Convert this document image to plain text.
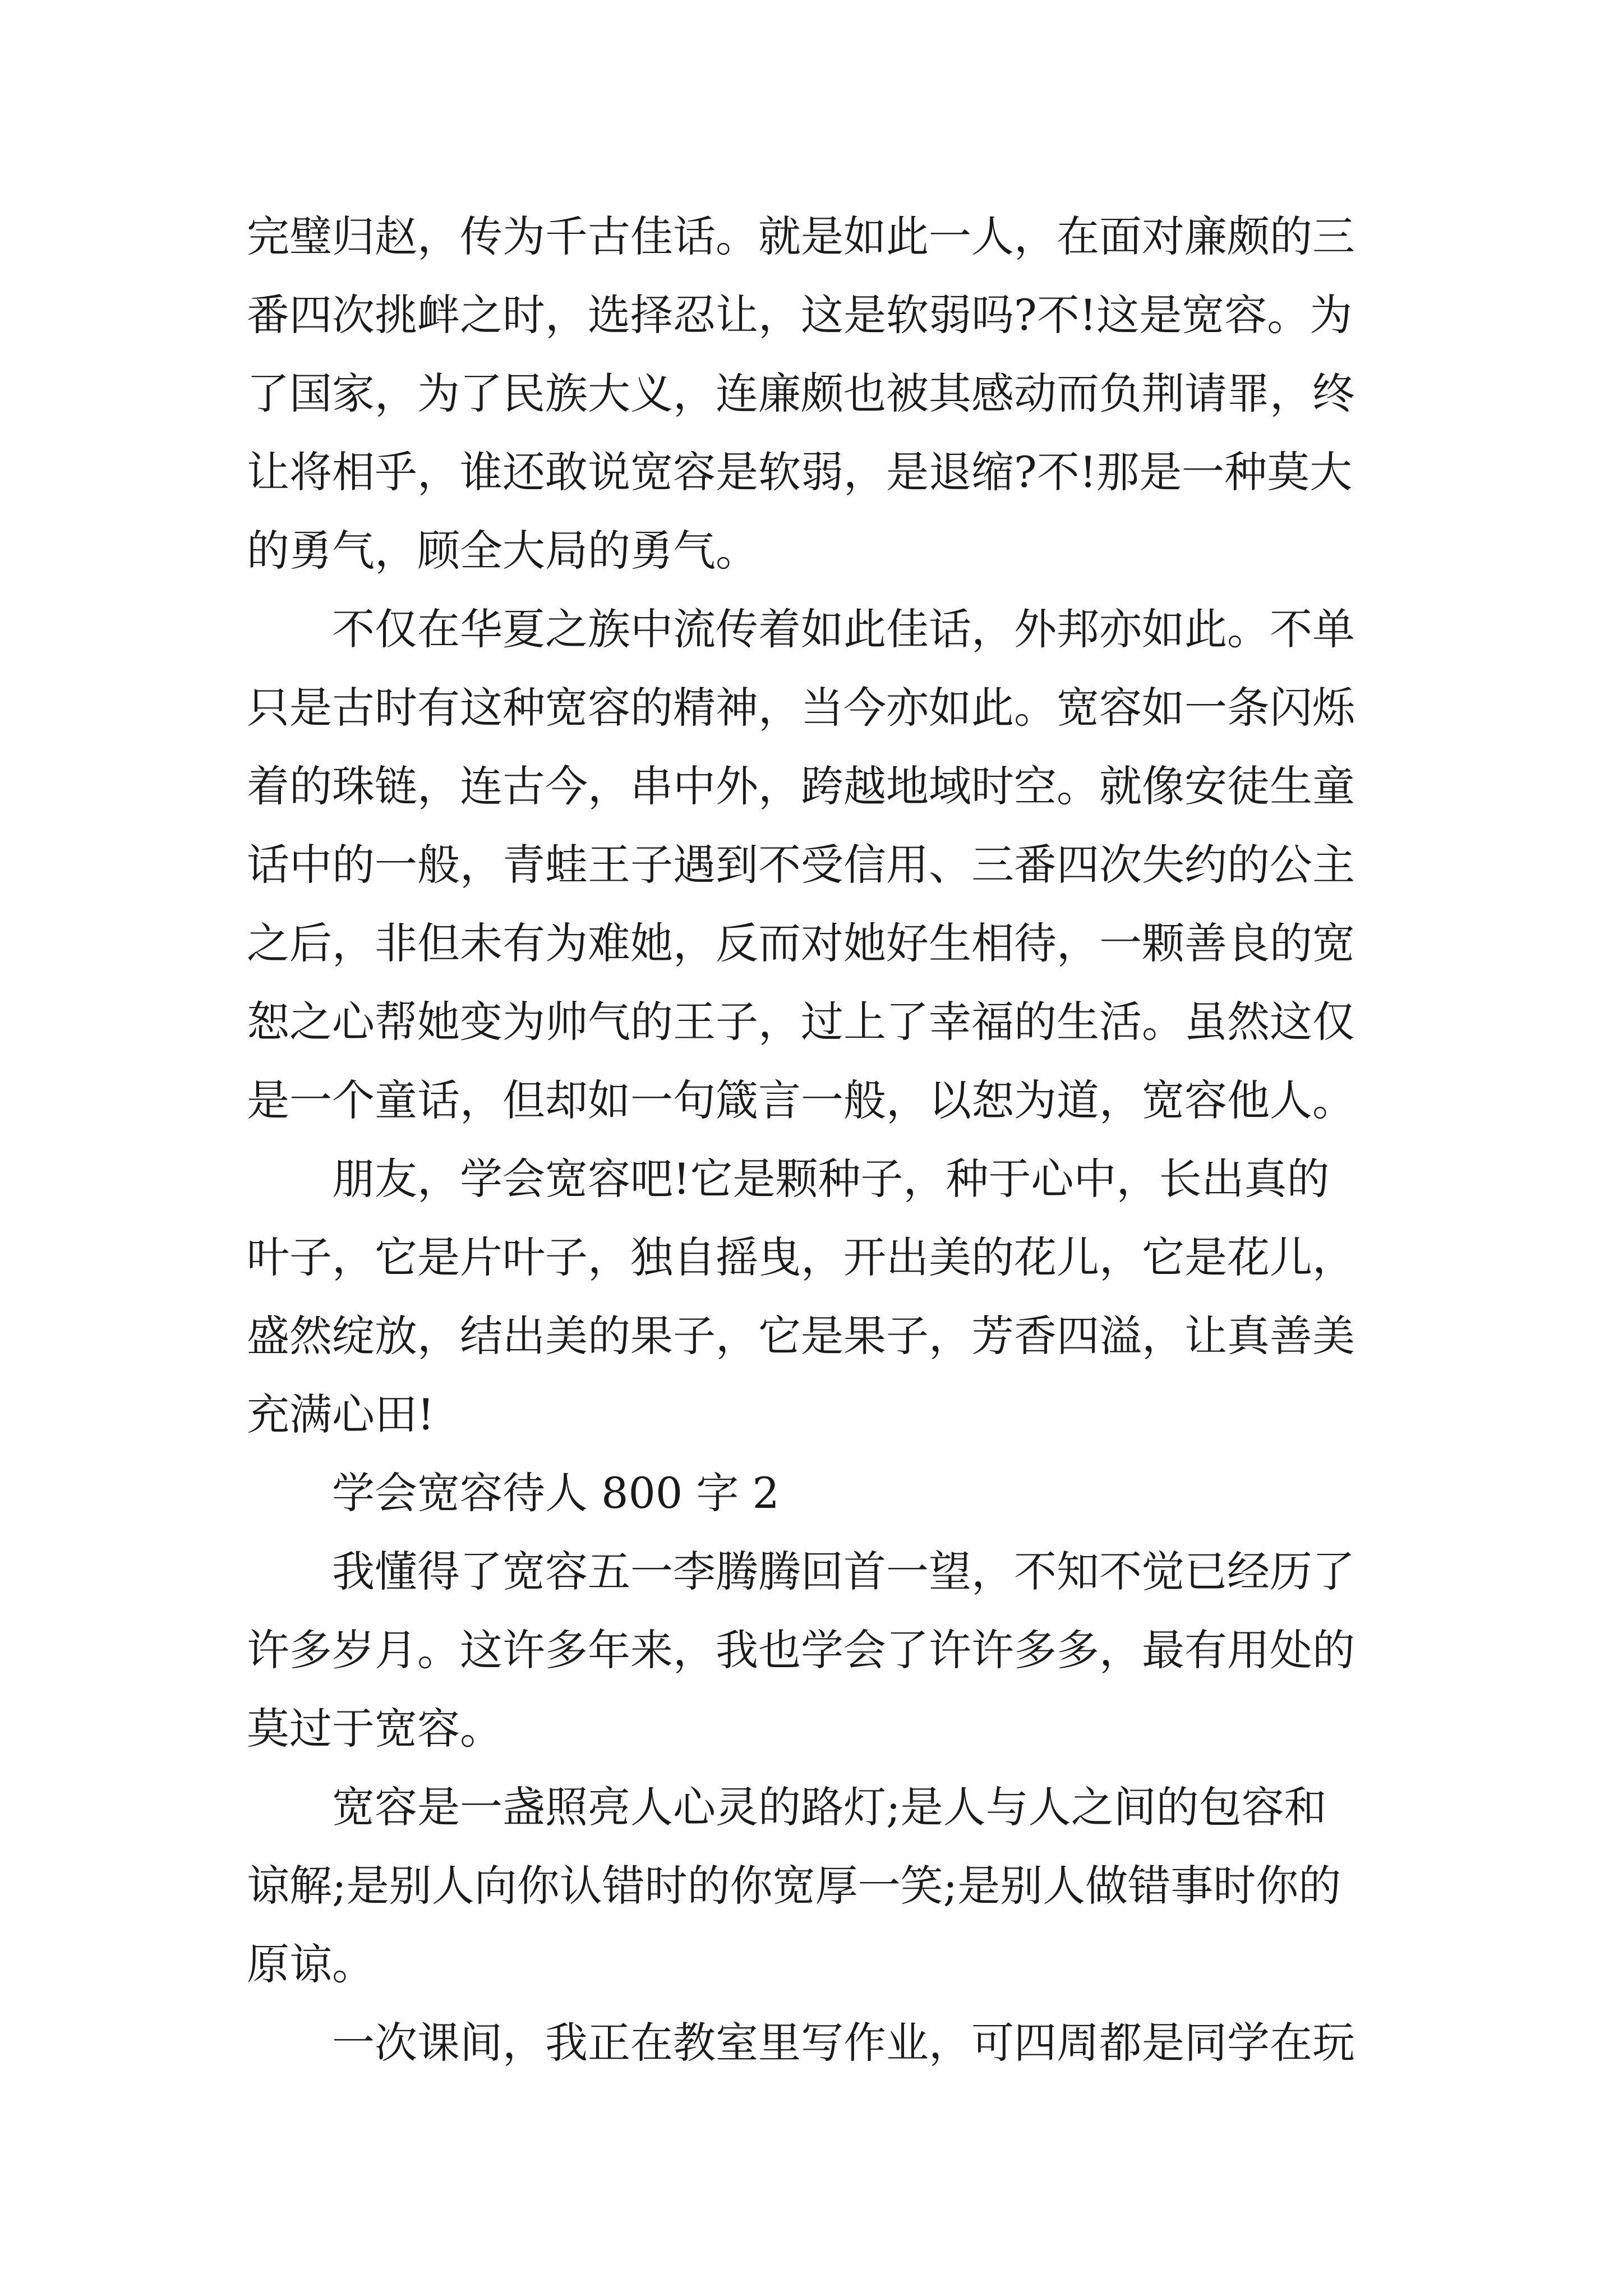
完璧归赵，传为千古佳话。就是如此一人，在面对廉颇的三
番四次挑衅之时，选择忍让，这是软弱吗?不!这是宽容。为
了国家，为了民族大义，连廉颇也被其感动而负荆请罪，终
让将相乎，谁还敢说宽容是软弱，是退缩?不!那是一种莫大
的勇气，顾全大局的勇气。

不仅在华夏之族中流传着如此佳话，外邦亦如此。不单
只是古时有这种宽容的精神，当今亦如此。宽容如一条闪烁
着的珠链，连古今，串中外，跨越地域时空。就像安徒生童
话中的一般，青蛙王子遇到不受信用、三番四次失约的公主
之后，非但未有为难她，反而对她好生相待，一颗善良的宽
恕之心帮她变为帅气的王子，过上了幸福的生活。虽然这仅
是一个童话，但却如一句箴言一般，以恕为道，宽容他人。

朋友，学会宽容吧!它是颗种子，种于心中，长出真的
叶子，它是片叶子，独自摇曳，开出美的花儿，它是花儿，
盛然绽放，结出美的果子，它是果子，芳香四溢，让真善美
充满心田!

学会宽容待人 800 字 2

我懂得了宽容五一李腾腾回首一望，不知不觉已经历了
许多岁月。这许多年来，我也学会了许许多多，最有用处的
莫过于宽容。

宽容是一盏照亮人心灵的路灯;是人与人之间的包容和
谅解;是别人向你认错时的你宽厚一笑;是别人做错事时你的
原谅。

一次课间，我正在教室里写作业，可四周都是同学在玩
